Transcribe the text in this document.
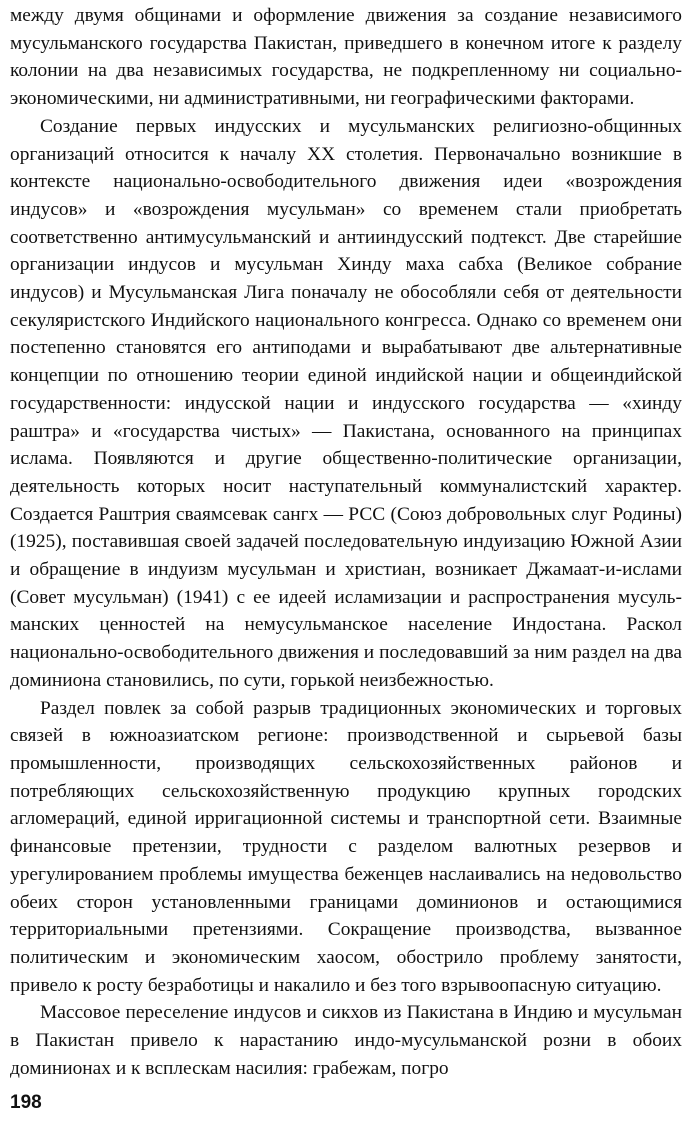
между двумя общинами и оформление движения за создание независимого мусульманского государства Пакистан, приведшего в конечном итоге к разделу колонии на два независимых государства, не подкрепленному ни социально-экономическими, ни административными, ни географическими факторами.

Создание первых индусских и мусульманских религиозно-общинных организаций относится к началу XX столетия. Первоначально возникшие в контексте национально-освободительного движения идеи «возрождения индусов» и «возрождения мусульман» со временем стали приобретать соответственно антимусульманский и антииндусский подтекст. Две старейшие организации индусов и мусульман Хинду маха сабха (Великое собрание индусов) и Мусульманская Лига поначалу не обособляли себя от деятельности секуляристского Индийского национального конгресса. Однако со временем они постепенно становятся его антиподами и вырабатывают две альтернативные концепции по отношению теории единой индийской нации и общеиндийской государственности: индусской нации и индусского государства — «хинду раштра» и «государства чистых» — Пакистана, основанного на принципах ислама. Появляются и другие общественно-политические организации, деятельность которых носит наступательный коммуналистский характер. Создается Раштрия сваямсевак сангх — РСС (Союз добровольных слуг Родины) (1925), поставившая своей задачей последовательную индуизацию Южной Азии и обращение в индуизм мусульман и христиан, возникает Джамаат-и-ислами (Совет мусульман) (1941) с ее идеей исламизации и распространения мусульманских ценностей на немусульманское население Индостана. Раскол национально-освободительного движения и последовавший за ним раздел на два доминиона становились, по сути, горькой неизбежностью.

Раздел повлек за собой разрыв традиционных экономических и торговых связей в южноазиатском регионе: производственной и сырьевой базы промышленности, производящих сельскохозяйственных районов и потребляющих сельскохозяйственную продукцию крупных городских агломераций, единой ирригационной системы и транспортной сети. Взаимные финансовые претензии, трудности с разделом валютных резервов и урегулированием проблемы имущества беженцев наслаивались на недовольство обеих сторон установленными границами доминионов и остающимися территориальными претензиями. Сокращение производства, вызванное политическим и экономическим хаосом, обострило проблему занятости, привело к росту безработицы и накалило и без того взрывоопасную ситуацию.

Массовое переселение индусов и сикхов из Пакистана в Индию и мусульман в Пакистан привело к нарастанию индо-мусульманской розни в обоих доминионах и к всплескам насилия: грабежам, погро

198
